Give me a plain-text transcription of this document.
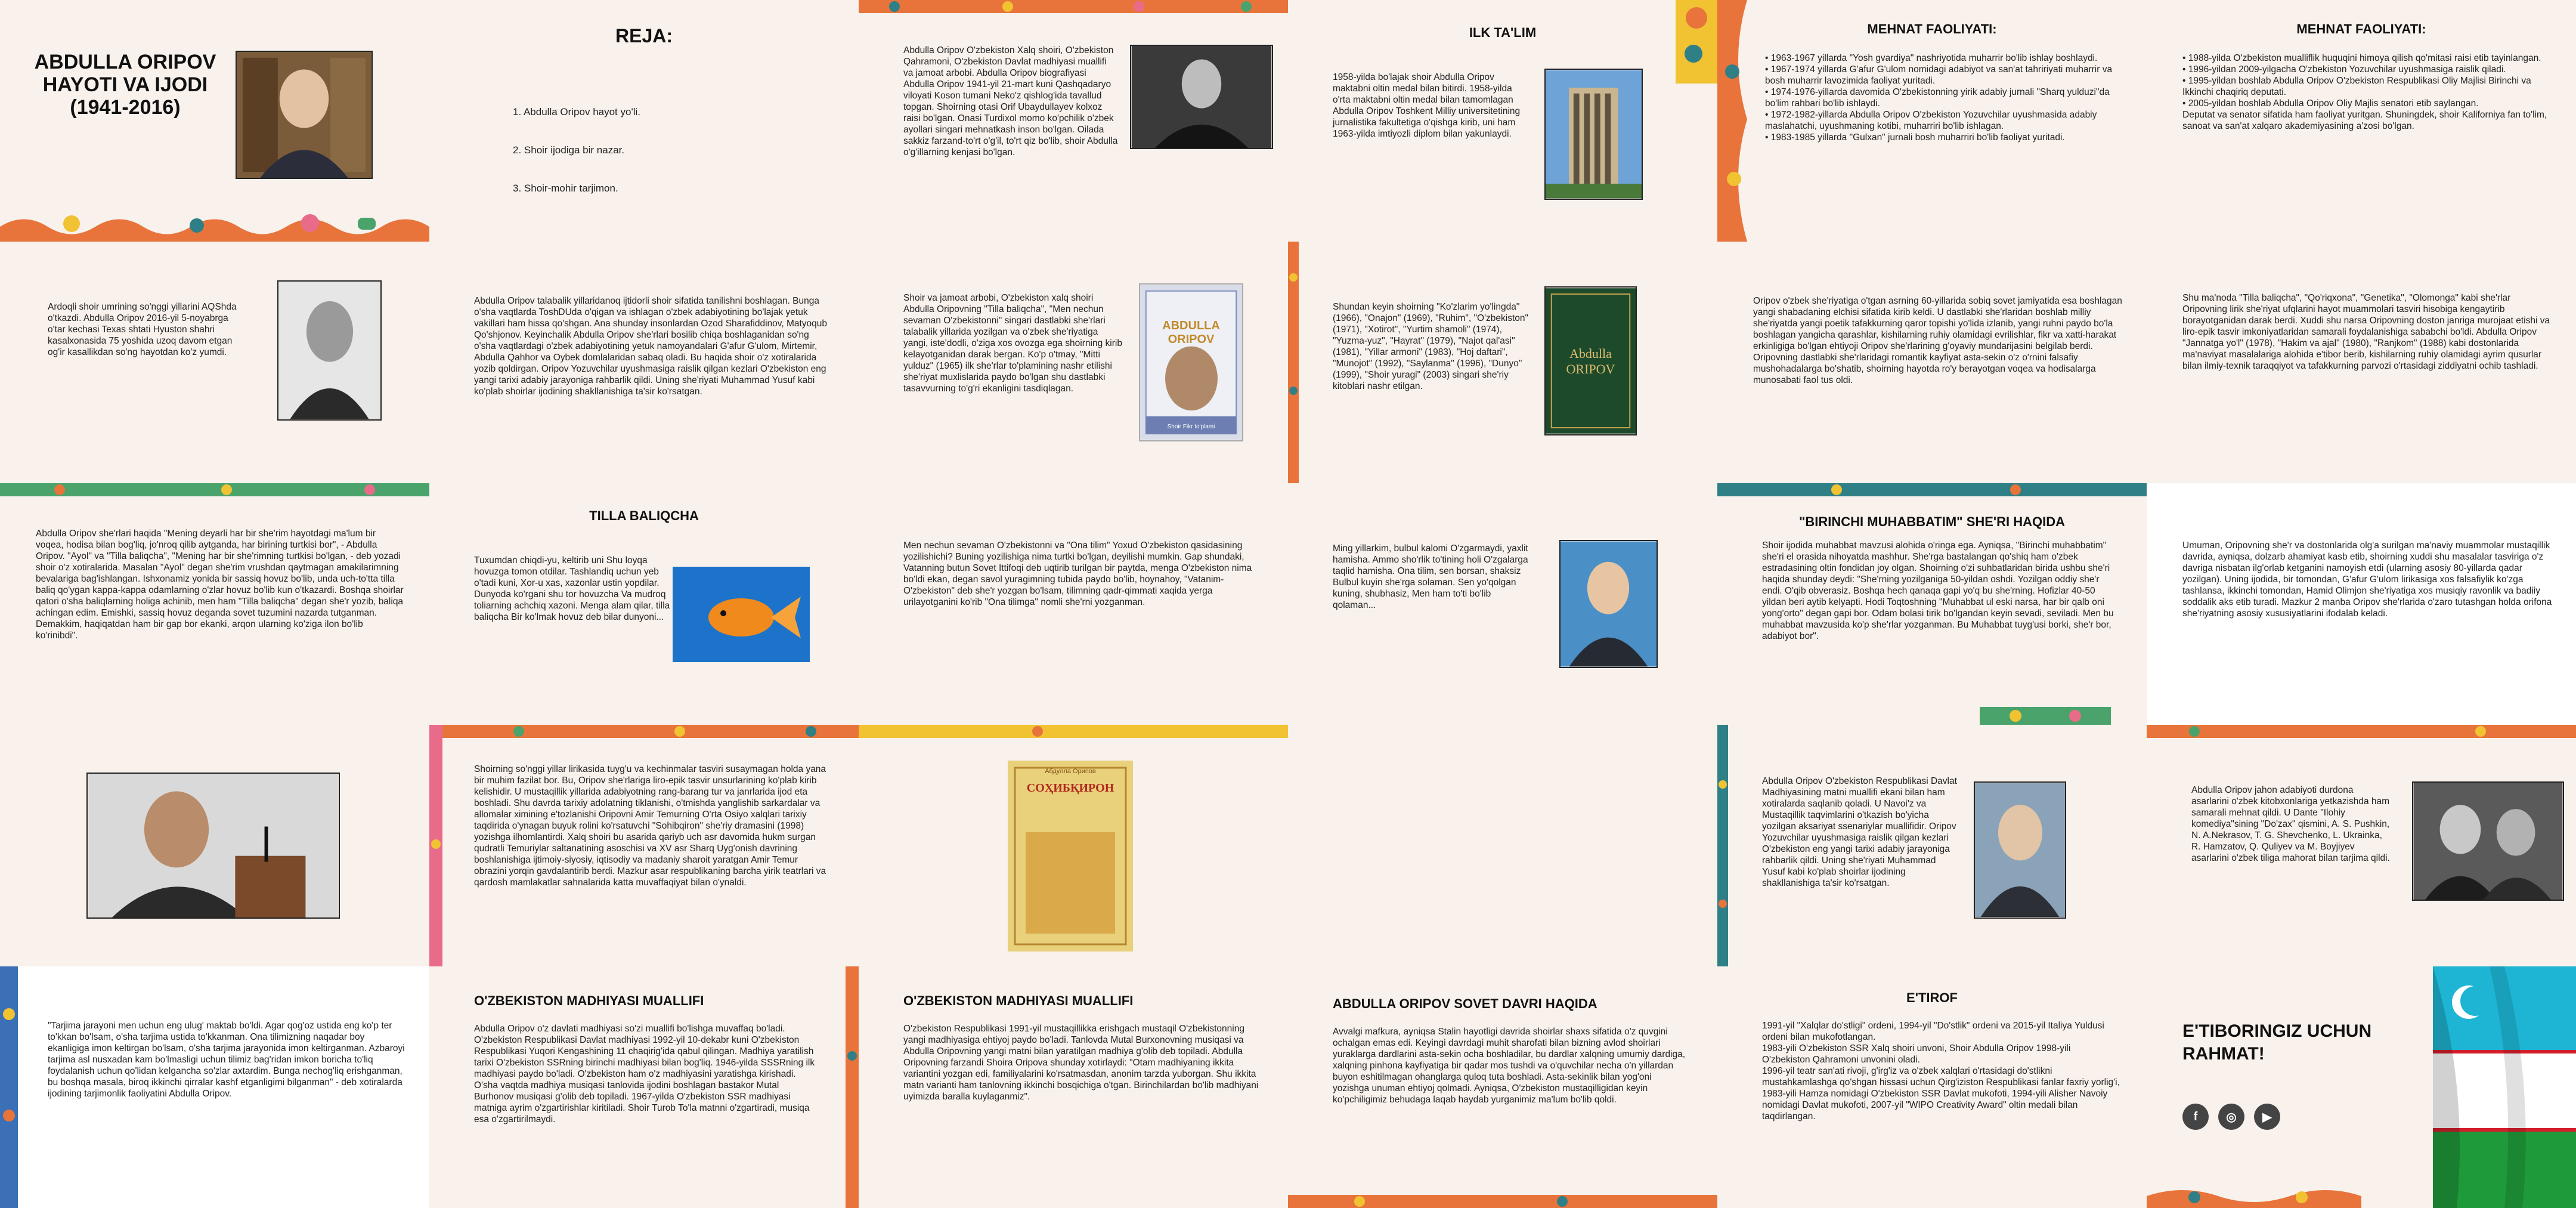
ABDULLA ORIPOV HAYOTI VA IJODI (1941-2016)
REJA:

1. Abdulla Oripov hayot yo'li.

2. Shoir ijodiga bir nazar.

3. Shoir-mohir tarjimon.

Abdulla Oripov O'zbekiston Xalq shoiri, O'zbekiston Qahramoni, O'zbekiston Davlat madhiyasi muallifi va jamoat arbobi. Abdulla Oripov biografiyasi Abdulla Oripov 1941-yil 21-mart kuni Qashqadaryo viloyati Koson tumani Neko'z qishlog'ida tavallud topgan. Shoirning otasi Orif Ubaydullayev kolxoz raisi bo'lgan. Onasi Turdixol momo ko'pchilik o'zbek ayollari singari mehnatkash inson bo'lgan. Oilada sakkiz farzand-to'rt o'g'il, to'rt qiz bo'lib, shoir Abdulla o'g'illarning kenjasi bo'lgan.
ILK TA'LIM
1958-yilda bo'lajak shoir Abdulla Oripov maktabni oltin medal bilan bitirdi. 1958-yilda o'rta maktabni oltin medal bilan tamomlagan Abdulla Oripov Toshkent Milliy universitetining jurnalistika fakultetiga o'qishga kirib, uni ham 1963-yilda imtiyozli diplom bilan yakunlaydi.
MEHNAT FAOLIYATI:
• 1963-1967 yillarda "Yosh gvardiya" nashriyotida muharrir bo'lib ishlay boshlaydi.
• 1967-1974 yillarda G'afur G'ulom nomidagi adabiyot va san'at tahririyati muharrir va bosh muharrir lavozimida faoliyat yuritadi.
• 1974-1976-yillarda davomida O'zbekistonning yirik adabiy jurnali "Sharq yulduzi"da bo'lim rahbari bo'lib ishlaydi.
• 1972-1982-yillarda Abdulla Oripov O'zbekiston Yozuvchilar uyushmasida adabiy maslahatchi, uyushmaning kotibi, muharriri bo'lib ishlagan.
• 1983-1985 yillarda "Gulxan" jurnali bosh muharriri bo'lib faoliyat yuritadi.
MEHNAT FAOLIYATI:
• 1988-yilda O'zbekiston mualliflik huquqini himoya qilish qo'mitasi raisi etib tayinlangan.
• 1996-yildan 2009-yilgacha O'zbekiston Yozuvchilar uyushmasiga raislik qiladi.
• 1995-yildan boshlab Abdulla Oripov O'zbekiston Respublikasi Oliy Majlisi Birinchi va Ikkinchi chaqiriq deputati.
• 2005-yildan boshlab Abdulla Oripov Oliy Majlis senatori etib saylangan.
Deputat va senator sifatida ham faoliyat yuritgan. Shuningdek, shoir Kaliforniya fan to'lim, sanoat va san'at xalqaro akademiyasining a'zosi bo'lgan.
Ardoqli shoir umrining so'nggi yillarini AQShda o'tkazdi. Abdulla Oripov 2016-yil 5-noyabrga o'tar kechasi Texas shtati Hyuston shahri kasalxonasida 75 yoshida uzoq davom etgan og'ir kasallikdan so'ng hayotdan ko'z yumdi.
Abdulla Oripov talabalik yillaridanoq ijtidorli shoir sifatida tanilishni boshlagan. Bunga o'sha vaqtlarda ToshDUda o'qigan va ishlagan o'zbek adabiyotining bo'lajak yetuk vakillari ham hissa qo'shgan. Ana shunday insonlardan Ozod Sharafiddinov, Matyoqub Qo'shjonov. Keyinchalik Abdulla Oripov she'rlari bosilib chiqa boshlaganidan so'ng o'sha vaqtlardagi o'zbek adabiyotining yetuk namoyandalari G'afur G'ulom, Mirtemir, Abdulla Qahhor va Oybek domlalaridan sabaq oladi. Bu haqida shoir o'z xotiralarida yozib qoldirgan. Oripov Yozuvchilar uyushmasiga raislik qilgan kezlari O'zbekiston eng yangi tarixi adabiy jarayoniga rahbarlik qildi. Uning she'riyati Muhammad Yusuf kabi ko'plab shoirlar ijodining shakllanishiga ta'sir ko'rsatgan.
Shoir va jamoat arbobi, O'zbekiston xalq shoiri Abdulla Oripovning "Tilla baliqcha", "Men nechun sevaman O'zbekistonni" singari dastlabki she'rlari talabalik yillarida yozilgan va o'zbek she'riyatiga yangi, iste'dodli, o'ziga xos ovozga ega shoirning kirib kelayotganidan darak bergan. Ko'p o'tmay, "Mitti yulduz" (1965) ilk she'rlar to'plamining nashr etilishi she'riyat muxlislarida paydo bo'lgan shu dastlabki tasavvurning to'g'ri ekanligini tasdiqlagan.
ABDULLA ORIPOV
Shoir Fikr to'plami
Shundan keyin shoirning "Ko'zlarim yo'lingda" (1966), "Onajon" (1969), "Ruhim", "O'zbekiston" (1971), "Xotirot", "Yurtim shamoli" (1974), "Yuzma-yuz", "Hayrat" (1979), "Najot qal'asi" (1981), "Yillar armoni" (1983), "Hoj daftari", "Munojot" (1992), "Saylanma" (1996), "Dunyo" (1999), "Shoir yuragi" (2003) singari she'riy kitoblari nashr etilgan.
Abdulla ORIPOV
Oripov o'zbek she'riyatiga o'tgan asrning 60-yillarida sobiq sovet jamiyatida esa boshlagan yangi shabadaning elchisi sifatida kirib keldi. U dastlabki she'rlaridan boshlab milliy she'riyatda yangi poetik tafakkurning qaror topishi yo'lida izlanib, yangi ruhni paydo bo'la boshlagan yangicha qarashlar, kishilarning ruhiy olamidagi evrilishlar, fikr va xatti-harakat erkinligiga bo'lgan ehtiyoji Oripov she'rlarining g'oyaviy mundarijasini belgilab berdi. Oripovning dastlabki she'rlaridagi romantik kayfiyat asta-sekin o'z o'rnini falsafiy mushohadalarga bo'shatib, shoirning hayotda ro'y berayotgan voqea va hodisalarga munosabati faol tus oldi.
Shu ma'noda "Tilla baliqcha", "Qo'riqxona", "Genetika", "Olomonga" kabi she'rlar Oripovning lirik she'riyat ufqlarini hayot muammolari tasviri hisobiga kengaytirib borayotganidan darak berdi. Xuddi shu narsa Oripovning doston janriga murojaat etishi va liro-epik tasvir imkoniyatlaridan samarali foydalanishiga sababchi bo'ldi. Abdulla Oripov "Jannatga yo'l" (1978), "Hakim va ajal" (1980), "Ranjkom" (1988) kabi dostonlarida ma'naviyat masalalariga alohida e'tibor berib, kishilarning ruhiy olamidagi ayrim qusurlar bilan ilmiy-texnik taraqqiyot va tafakkurning parvozi o'rtasidagi ziddiyatni ochib tashladi.
Abdulla Oripov she'rlari haqida "Mening deyarli har bir she'rim hayotdagi ma'lum bir voqea, hodisa bilan bog'liq, jo'nroq qilib aytganda, har birining turtkisi bor", - Abdulla Oripov. "Ayol" va "Tilla baliqcha", "Mening har bir she'rimning turtkisi bo'lgan, - deb yozadi shoir o'z xotiralarida. Masalan "Ayol" degan she'rim vrushdan qaytmagan amakilarimning bevalariga bag'ishlangan. Ishxonamiz yonida bir sassiq hovuz bo'lib, unda uch-to'tta tilla baliq qo'ygan kappa-kappa odamlarning o'zlar hovuz bo'lib kun o'tkazardi. Boshqa shoirlar qatori o'sha baliqlarning holiga achinib, men ham "Tilla baliqcha" degan she'r yozib, baliqa achingan edim. Emishki, sassiq hovuz deganda sovet tuzumini nazarda tutganman. Demakkim, haqiqatdan ham bir gap bor ekanki, arqon ularning ko'ziga ilon bo'lib ko'rinibdi".
TILLA BALIQCHA
Tuxumdan chiqdi-yu, keltirib uni Shu loyqa hovuzga tomon otdilar. Tashlandiq uchun yeb o'tadi kuni, Xor-u xas, xazonlar ustin yopdilar. Dunyoda ko'rgani shu tor hovuzcha Va mudroq toliarning achchiq xazoni. Menga alam qilar, tilla baliqcha Bir ko'lmak hovuz deb bilar dunyoni...
Men nechun sevaman O'zbekistonni va "Ona tilim" Yoxud O'zbekiston qasidasining yozilishichi? Buning yozilishiga nima turtki bo'lgan, deyilishi mumkin. Gap shundaki, Vatanning butun Sovet Ittifoqi deb uqtirib turilgan bir paytda, menga O'zbekiston nima bo'ldi ekan, degan savol yuragimning tubida paydo bo'lib, hoynahoy, "Vatanim-O'zbekiston" deb she'r yozgan bo'lsam, tilimning qadr-qimmati xaqida yerga urilayotganini ko'rib "Ona tilimga" nomli she'rni yozganman.
Ming yillarkim, bulbul kalomi O'zgarmaydi, yaxlit hamisha. Ammo sho'rlik to'tining holi O'zgalarga taqlid hamisha. Ona tilim, sen borsan, shaksiz Bulbul kuyin she'rga solaman. Sen yo'qolgan kuning, shubhasiz, Men ham to'ti bo'lib qolaman...
"BIRINCHI MUHABBATIM" SHE'RI HAQIDA
Shoir ijodida muhabbat mavzusi alohida o'ringa ega. Ayniqsa, "Birinchi muhabbatim" she'ri el orasida nihoyatda mashhur. She'rga bastalangan qo'shiq ham o'zbek estradasining oltin fondidan joy olgan. Shoirning o'zi suhbatlaridan birida ushbu she'ri haqida shunday deydi: "She'rning yozilganiga 50-yildan oshdi. Yozilgan oddiy she'r endi. O'qib obverasiz. Boshqa hech qanaqa gapi yo'q bu she'rning. Hofizlar 40-50 yildan beri aytib kelyapti. Hodi Toqtoshning "Muhabbat ul eski narsa, har bir qalb oni yong'orto" degan gapi bor. Odam bolasi tirik bo'lgandan keyin sevadi, seviladi. Men bu muhabbat mavzusida ko'p she'rlar yozganman. Bu Muhabbat tuyg'usi borki, she'r bor, adabiyot bor".
Umuman, Oripovning she'r va dostonlarida olg'a surilgan ma'naviy muammolar mustaqillik davrida, ayniqsa, dolzarb ahamiyat kasb etib, shoirning xuddi shu masalalar tasviriga o'z davriga nisbatan ilg'orlab ketganini namoyish etdi (ularning asosiy 80-yillarda qadar yozilgan). Uning ijodida, bir tomondan, G'afur G'ulom lirikasiga xos falsafiylik ko'zga tashlansa, ikkinchi tomondan, Hamid Olimjon she'riyatiga xos musiqiy ravonlik va badiiy soddalik aks etib turadi. Mazkur 2 manba Oripov she'rlarida o'zaro tutashgan holda orifona she'riyatning asosiy xususiyatlarini ifodalab keladi.
Shoirning so'nggi yillar lirikasida tuyg'u va kechinmalar tasviri susaymagan holda yana bir muhim fazilat bor. Bu, Oripov she'rlariga liro-epik tasvir unsurlarining ko'plab kirib kelishidir. U mustaqillik yillarida adabiyotning rang-barang tur va janrlarida ijod eta boshladi. Shu davrda tarixiy adolatning tiklanishi, o'tmishda yanglishib sarkardalar va allomalar ximining e'tozlanishi Oripovni Amir Temurning O'rta Osiyo xalqlari tarixiy taqdirida o'ynagan buyuk rolini ko'rsatuvchi "Sohibqiron" she'riy dramasini (1998) yozishga ilhomlantirdi. Xalq shoiri bu asarida qariyb uch asr davomida hukm surgan qudratli Temuriylar saltanatining asoschisi va XV asr Sharq Uyg'onish davrining boshlanishiga ijtimoiy-siyosiy, iqtisodiy va madaniy sharoit yaratgan Amir Temur obrazini yorqin gavdalantirib berdi. Mazkur asar respublikaning barcha yirik teatrlari va qardosh mamlakatlar sahnalarida katta muvaffaqiyat bilan o'ynaldi.
Абдулла Орипов
СОҲИБҚИРОН
Abdulla Oripov O'zbekiston Respublikasi Davlat Madhiyasining matni muallifi ekani bilan ham xotiralarda saqlanib qoladi. U Navoi'z va Mustaqillik taqvimlarini o'tkazish bo'yicha yozilgan aksariyat ssenariylar muallifidir. Oripov Yozuvchilar uyushmasiga raislik qilgan kezlari O'zbekiston eng yangi tarixi adabiy jarayoniga rahbarlik qildi. Uning she'riyati Muhammad Yusuf kabi ko'plab shoirlar ijodining shakllanishiga ta'sir ko'rsatgan.
Abdulla Oripov jahon adabiyoti durdona asarlarini o'zbek kitobxonlariga yetkazishda ham samarali mehnat qildi. U Dante "Ilohiy komediya"sining "Do'zax" qismini, A. S. Pushkin, N. A.Nekrasov, T. G. Shevchenko, L. Ukrainka, R. Hamzatov, Q. Quliyev va M. Boyjiyev asarlarini o'zbek tiliga mahorat bilan tarjima qildi.
"Tarjima jarayoni men uchun eng ulug' maktab bo'ldi. Agar qog'oz ustida eng ko'p ter to'kkan bo'lsam, o'sha tarjima ustida to'kkanman. Ona tilimizning naqadar boy ekanligiga imon keltirgan bo'lsam, o'sha tarjima jarayonida imon keltirganman. Azbaroyi tarjima asl nusxadan kam bo'lmasligi uchun tilimiz bag'ridan imkon boricha to'liq foydalanish uchun qo'lidan kelgancha so'zlar axtardim. Bunga nechog'liq erishganman, bu boshqa masala, biroq ikkinchi qirralar kashf etganligimi bilganman" - deb xotiralarda ijodining tarjimonlik faoliyatini Abdulla Oripov.
O'ZBEKISTON MADHIYASI MUALLIFI
Abdulla Oripov o'z davlati madhiyasi so'zi muallifi bo'lishga muvaffaq bo'ladi. O'zbekiston Respublikasi Davlat madhiyasi 1992-yil 10-dekabr kuni O'zbekiston Respublikasi Yuqori Kengashining 11 chaqirig'ida qabul qilingan. Madhiya yaratilish tarixi O'zbekiston SSRning birinchi madhiyasi bilan bog'liq. 1946-yilda SSSRning ilk madhiyasi paydo bo'ladi. O'zbekiston ham o'z madhiyasini yaratishga kirishadi. O'sha vaqtda madhiya musiqasi tanlovida ijodini boshlagan bastakor Mutal Burhonov musiqasi g'olib deb topiladi. 1967-yilda O'zbekiston SSR madhiyasi matniga ayrim o'zgartirishlar kiritiladi. Shoir Turob To'la matnni o'zgartiradi, musiqa esa o'zgartirilmaydi.
O'ZBEKISTON MADHIYASI MUALLIFI
O'zbekiston Respublikasi 1991-yil mustaqillikka erishgach mustaqil O'zbekistonning yangi madhiyasiga ehtiyoj paydo bo'ladi. Tanlovda Mutal Burxonovning musiqasi va Abdulla Oripovning yangi matni bilan yaratilgan madhiya g'olib deb topiladi. Abdulla Oripovning farzandi Shoira Oripova shunday xotirlaydi: "Otam madhiyaning ikkita variantini yozgan edi, familiyalarini ko'rsatmasdan, anonim tarzda yuborgan. Shu ikkita matn varianti ham tanlovning ikkinchi bosqichiga o'tgan. Birinchilardan bo'lib madhiyani uyimizda baralla kuylaganmiz".
ABDULLA ORIPOV SOVET DAVRI HAQIDA
Avvalgi mafkura, ayniqsa Stalin hayotligi davrida shoirlar shaxs sifatida o'z quvgini ochalgan emas edi. Keyingi davrdagi muhit sharofati bilan bizning avlod shoirlari yuraklarga dardlarini asta-sekin ocha boshladilar, bu dardlar xalqning umumiy dardiga, xalqning pinhona kayfiyatiga bir qadar mos tushdi va o'quvchilar necha o'n yillardan buyon eshitilmagan ohanglarga quloq tuta boshladi. Asta-sekinlik bilan yog'oni yozishga unuman ehtiyoj qolmadi. Ayniqsa, O'zbekiston mustaqilligidan keyin ko'pchiligimiz behudaga laqab haydab yurganimiz ma'lum bo'lib qoldi.
E'TIROF
1991-yil "Xalqlar do'stligi" ordeni, 1994-yil "Do'stlik" ordeni va 2015-yil Italiya Yuldusi ordeni bilan mukofotlangan.
1983-yili O'zbekiston SSR Xalq shoiri unvoni, Shoir Abdulla Oripov 1998-yili O'zbekiston Qahramoni unvonini oladi.
1996-yil teatr san'ati rivoji, g'irg'iz va o'zbek xalqlari o'rtasidagi do'stlikni mustahkamlashga qo'shgan hissasi uchun Qirg'iziston Respublikasi fanlar faxriy yorlig'i, 1983-yili Hamza nomidagi O'zbekiston SSR Davlat mukofoti, 1994-yili Alisher Navoiy nomidagi Davlat mukofoti, 2007-yil "WIPO Creativity Award" oltin medali bilan taqdirlangan.
E'TIBORINGIZ UCHUN RAHMAT!
f	◎	▶
